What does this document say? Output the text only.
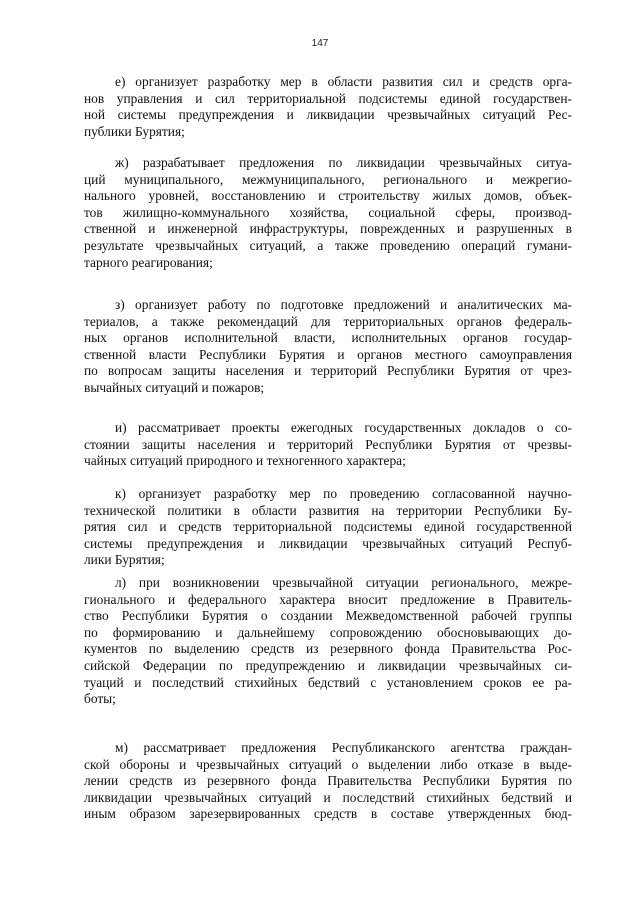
147
е) организует разработку мер в области развития сил и средств орга-
нов управления и сил территориальной подсистемы единой государствен-
ной системы предупреждения и ликвидации чрезвычайных ситуаций Рес-
публики Бурятия;
ж) разрабатывает предложения по ликвидации чрезвычайных ситуа-
ций муниципального, межмуниципального, регионального и межрегио-
нального уровней, восстановлению и строительству жилых домов, объек-
тов жилищно-коммунального хозяйства, социальной сферы, производ-
ственной и инженерной инфраструктуры, поврежденных и разрушенных в
результате чрезвычайных ситуаций, а также проведению операций гумани-
тарного реагирования;
з) организует работу по подготовке предложений и аналитических ма-
териалов, а также рекомендаций для территориальных органов федераль-
ных органов исполнительной власти, исполнительных органов государ-
ственной власти Республики Бурятия и органов местного самоуправления
по вопросам защиты населения и территорий Республики Бурятия от чрез-
вычайных ситуаций и пожаров;
и) рассматривает проекты ежегодных государственных докладов о со-
стоянии защиты населения и территорий Республики Бурятия от чрезвы-
чайных ситуаций природного и техногенного характера;
к) организует разработку мер по проведению согласованной научно-
технической политики в области развития на территории Республики Бу-
рятия сил и средств территориальной подсистемы единой государственной
системы предупреждения и ликвидации чрезвычайных ситуаций Респуб-
лики Бурятия;
л) при возникновении чрезвычайной ситуации регионального, межре-
гионального и федерального характера вносит предложение в Правитель-
ство Республики Бурятия о создании Межведомственной рабочей группы
по формированию и дальнейшему сопровождению обосновывающих до-
кументов по выделению средств из резервного фонда Правительства Рос-
сийской Федерации по предупреждению и ликвидации чрезвычайных си-
туаций и последствий стихийных бедствий с установлением сроков ее ра-
боты;
м) рассматривает предложения Республиканского агентства граждан-
ской обороны и чрезвычайных ситуаций о выделении либо отказе в выде-
лении средств из резервного фонда Правительства Республики Бурятия по
ликвидации чрезвычайных ситуаций и последствий стихийных бедствий и
иным образом зарезервированных средств в составе утвержденных бюд-
